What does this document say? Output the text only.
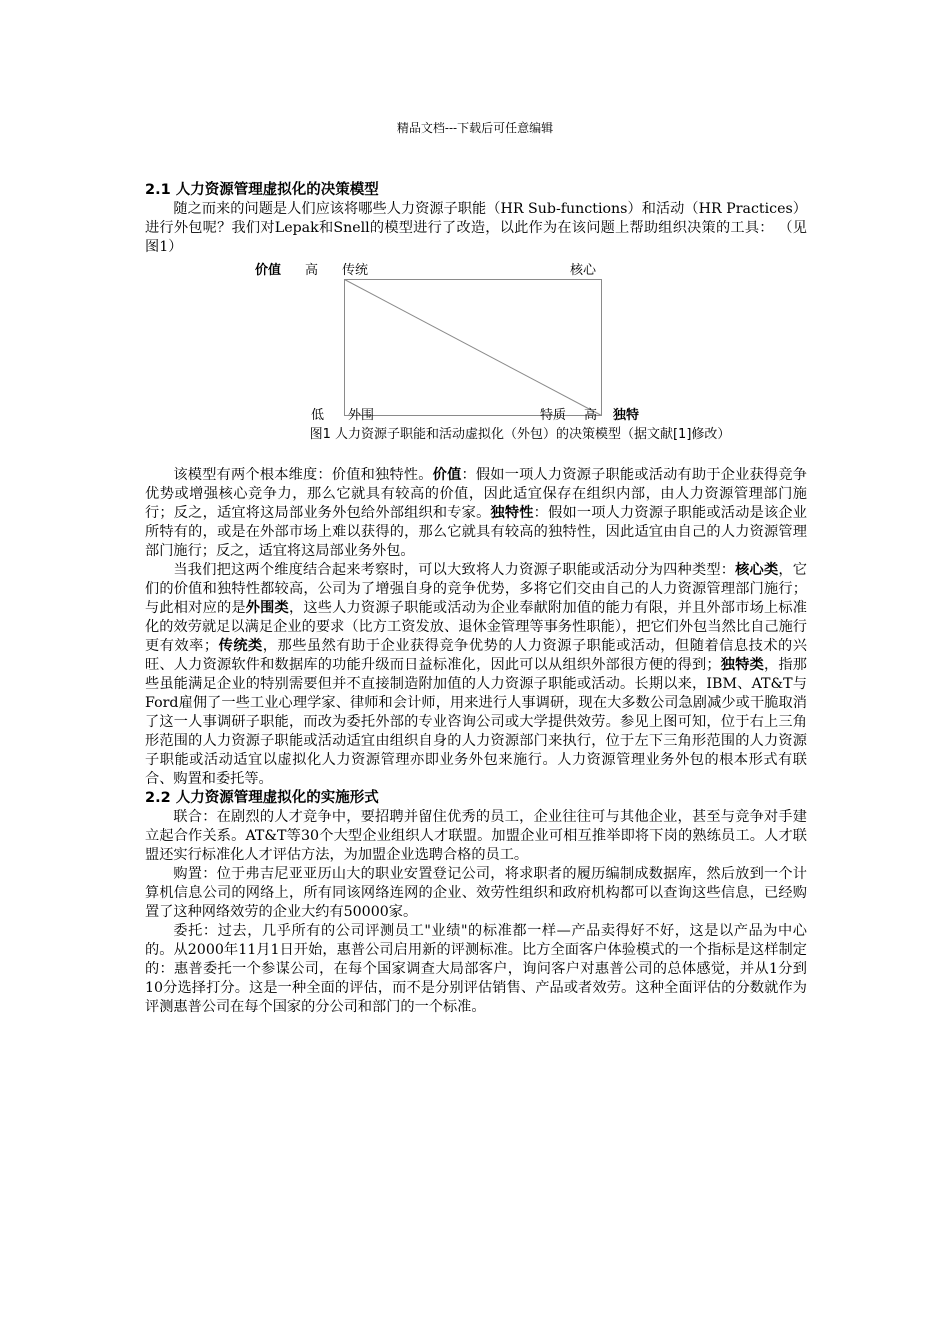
精品文档---下载后可任意编辑
2.1 人力资源管理虚拟化的决策模型

随之而来的问题是人们应该将哪些人力资源子职能（HR Sub-functions）和活动（HR Practices）进行外包呢？我们对Lepak和Snell的模型进行了改造，以此作为在该问题上帮助组织决策的工具： （见图1）

价值 高 传统	核心
低 外围	特质 高 独特
图1 人力资源子职能和活动虚拟化（外包）的决策模型（据文献[1]修改）

该模型有两个根本维度：价值和独特性。价值：假如一项人力资源子职能或活动有助于企业获得竞争优势或增强核心竞争力，那么它就具有较高的价值，因此适宜保存在组织内部，由人力资源管理部门施行；反之，适宜将这局部业务外包给外部组织和专家。独特性：假如一项人力资源子职能或活动是该企业所特有的，或是在外部市场上难以获得的，那么它就具有较高的独特性，因此适宜由自己的人力资源管理部门施行；反之，适宜将这局部业务外包。

当我们把这两个维度结合起来考察时，可以大致将人力资源子职能或活动分为四种类型：核心类，它们的价值和独特性都较高，公司为了增强自身的竞争优势，多将它们交由自己的人力资源管理部门施行；与此相对应的是外围类，这些人力资源子职能或活动为企业奉献附加值的能力有限，并且外部市场上标准化的效劳就足以满足企业的要求（比方工资发放、退休金管理等事务性职能），把它们外包当然比自己施行更有效率；传统类，那些虽然有助于企业获得竞争优势的人力资源子职能或活动，但随着信息技术的兴旺、人力资源软件和数据库的功能升级而日益标准化，因此可以从组织外部很方便的得到；独特类，指那些虽能满足企业的特别需要但并不直接制造附加值的人力资源子职能或活动。长期以来，IBM、AT&T与Ford雇佣了一些工业心理学家、律师和会计师，用来进行人事调研，现在大多数公司急剧减少或干脆取消了这一人事调研子职能，而改为委托外部的专业咨询公司或大学提供效劳。参见上图可知，位于右上三角形范围的人力资源子职能或活动适宜由组织自身的人力资源部门来执行，位于左下三角形范围的人力资源子职能或活动适宜以虚拟化人力资源管理亦即业务外包来施行。人力资源管理业务外包的根本形式有联合、购置和委托等。

2.2 人力资源管理虚拟化的实施形式

联合：在剧烈的人才竞争中，要招聘并留住优秀的员工，企业往往可与其他企业，甚至与竞争对手建立起合作关系。AT&T等30个大型企业组织人才联盟。加盟企业可相互推举即将下岗的熟练员工。人才联盟还实行标准化人才评估方法，为加盟企业选聘合格的员工。

购置：位于弗吉尼亚亚历山大的职业安置登记公司，将求职者的履历编制成数据库，然后放到一个计算机信息公司的网络上，所有同该网络连网的企业、效劳性组织和政府机构都可以查询这些信息，已经购置了这种网络效劳的企业大约有50000家。

委托：过去，几乎所有的公司评测员工"业绩"的标准都一样—产品卖得好不好，这是以产品为中心的。从2000年11月1日开始，惠普公司启用新的评测标准。比方全面客户体验模式的一个指标是这样制定的：惠普委托一个参谋公司，在每个国家调查大局部客户，询问客户对惠普公司的总体感觉，并从1分到10分选择打分。这是一种全面的评估，而不是分别评估销售、产品或者效劳。这种全面评估的分数就作为评测惠普公司在每个国家的分公司和部门的一个标准。
